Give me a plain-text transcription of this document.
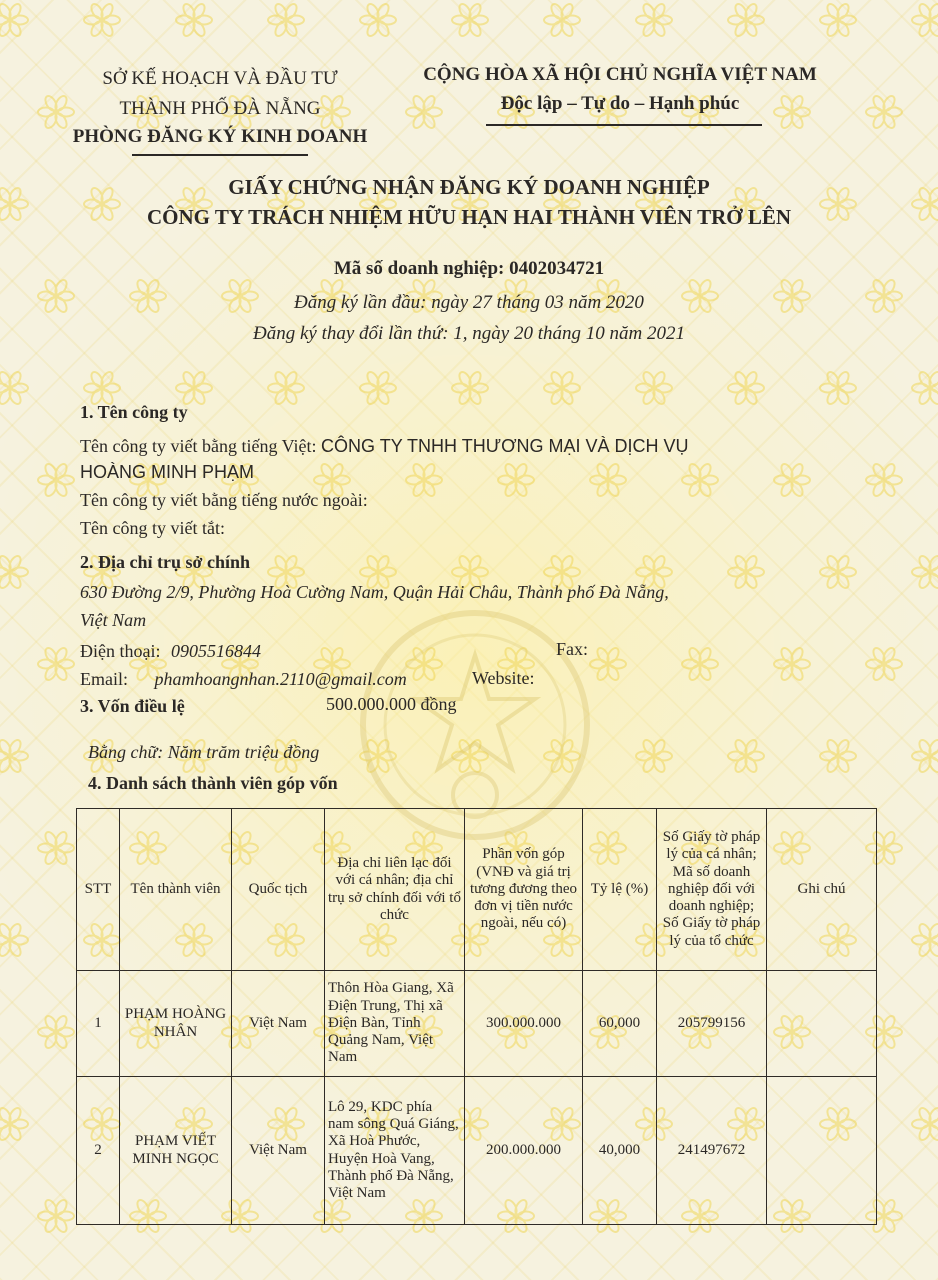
SỞ KẾ HOẠCH VÀ ĐẦU TƯ
THÀNH PHỐ ĐÀ NẴNG
PHÒNG ĐĂNG KÝ KINH DOANH
CỘNG HÒA XÃ HỘI CHỦ NGHĨA VIỆT NAM
Độc lập – Tự do – Hạnh phúc
GIẤY CHỨNG NHẬN ĐĂNG KÝ DOANH NGHIỆP
CÔNG TY TRÁCH NHIỆM HỮU HẠN HAI THÀNH VIÊN TRỞ LÊN
Mã số doanh nghiệp: 0402034721
Đăng ký lần đầu: ngày 27 tháng 03 năm 2020
Đăng ký thay đổi lần thứ: 1, ngày 20 tháng 10 năm 2021
1. Tên công ty
Tên công ty viết bằng tiếng Việt: CÔNG TY TNHH THƯƠNG MẠI VÀ DỊCH VỤ
HOÀNG MINH PHẠM
Tên công ty viết bằng tiếng nước ngoài:
Tên công ty viết tắt:
2. Địa chỉ trụ sở chính
630 Đường 2/9, Phường Hoà Cường Nam, Quận Hải Châu, Thành phố Đà Nẵng,
Việt Nam
Điện thoại: 0905516844	Fax:
Email: phamhoangnhan.2110@gmail.com	Website:
3. Vốn điều lệ	500.000.000 đồng
Bằng chữ: Năm trăm triệu đồng
4. Danh sách thành viên góp vốn
STT	Tên thành viên	Quốc tịch	Địa chỉ liên lạc đối với cá nhân; địa chỉ trụ sở chính đối với tổ chức	Phần vốn góp (VNĐ và giá trị tương đương theo đơn vị tiền nước ngoài, nếu có)	Tỷ lệ (%)	Số Giấy tờ pháp lý của cá nhân; Mã số doanh nghiệp đối với doanh nghiệp; Số Giấy tờ pháp lý của tổ chức	Ghi chú
1	PHẠM HOÀNG NHÂN	Việt Nam	Thôn Hòa Giang, Xã Điện Trung, Thị xã Điện Bàn, Tỉnh Quảng Nam, Việt Nam	300.000.000	60,000	205799156	
2	PHẠM VIẾT MINH NGỌC	Việt Nam	Lô 29, KDC phía nam sông Quá Giáng, Xã Hoà Phước, Huyện Hoà Vang, Thành phố Đà Nẵng, Việt Nam	200.000.000	40,000	241497672	
